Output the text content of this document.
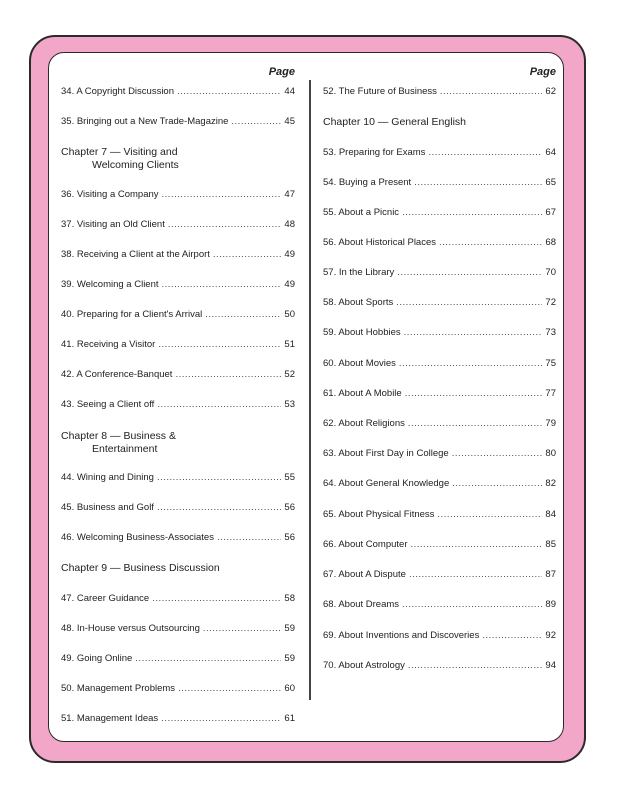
Page
34. A Copyright Discussion .....	44
35. Bringing out a New Trade-Magazine .....	45
Chapter 7 — Visiting and
Welcoming Clients
36. Visiting a Company .....	47
37. Visiting an Old Client .....	48
38. Receiving a Client at the Airport .....	49
39. Welcoming a Client .....	49
40. Preparing for a Client's Arrival .....	50
41. Receiving a Visitor .....	51
42. A Conference-Banquet .....	52
43. Seeing a Client off .....	53
Chapter 8 — Business &
Entertainment
44. Wining and Dining .....	55
45. Business and Golf .....	56
46. Welcoming Business-Associates .....	56
Chapter 9 — Business Discussion
47. Career Guidance .....	58
48. In-House versus Outsourcing .....	59
49. Going Online .....	59
50. Management Problems .....	60
51. Management Ideas .....	61
Page
52. The Future of Business .....	62
Chapter 10 — General English
53. Preparing for Exams .....	64
54. Buying a Present .....	65
55. About a Picnic .....	67
56. About Historical Places .....	68
57. In the Library .....	70
58. About Sports .....	72
59. About Hobbies .....	73
60. About Movies .....	75
61. About A Mobile .....	77
62. About Religions .....	79
63. About First Day in College .....	80
64. About General Knowledge .....	82
65. About Physical Fitness .....	84
66. About Computer .....	85
67. About A Dispute .....	87
68. About Dreams .....	89
69. About Inventions and Discoveries .....	92
70. About Astrology .....	94
